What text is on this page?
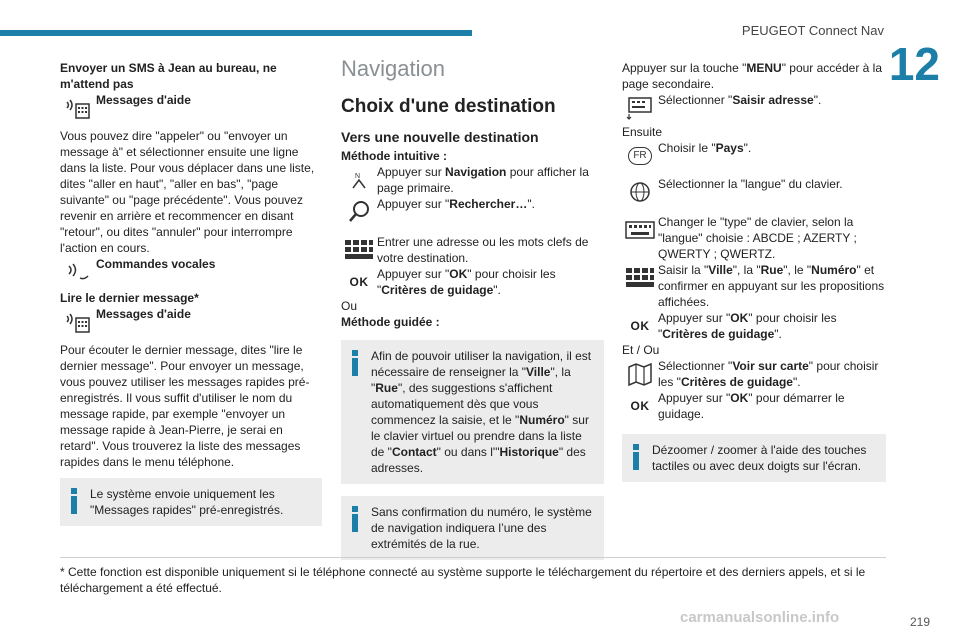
PEUGEOT Connect Nav
12

Envoyer un SMS à Jean au bureau, ne m'attend pas

Messages d'aide

Vous pouvez dire "appeler" ou "envoyer un message à" et sélectionner ensuite une ligne dans la liste. Pour vous déplacer dans une liste, dites "aller en haut", "aller en bas", "page suivante" ou "page précédente". Vous pouvez revenir en arrière et recommencer en disant "retour", ou dites "annuler" pour interrompre l'action en cours.

Commandes vocales

Lire le dernier message*

Messages d'aide

Pour écouter le dernier message, dites "lire le dernier message". Pour envoyer un message, vous pouvez utiliser les messages rapides pré-enregistrés. Il vous suffit d'utiliser le nom du message rapide, par exemple "envoyer un message rapide à Jean-Pierre, je serai en retard". Vous trouverez la liste des messages rapides dans le menu téléphone.

Le système envoie uniquement les "Messages rapides" pré-enregistrés.
Navigation
Choix d'une destination
Vers une nouvelle destination

Méthode intuitive :

N Appuyer sur Navigation pour afficher la page primaire.
Appuyer sur "Rechercher…".
Entrer une adresse ou les mots clefs de votre destination.
OK
Appuyer sur "OK" pour choisir les "Critères de guidage".

Ou

Méthode guidée :

Afin de pouvoir utiliser la navigation, il est nécessaire de renseigner la "Ville", la "Rue", des suggestions s'affichent automatiquement dès que vous commencez la saisie, et le "Numéro" sur le clavier virtuel ou prendre dans la liste de "Contact" ou dans l'"Historique" des adresses.
Sans confirmation du numéro, le système de navigation indiquera l’une des extrémités de la rue.

Appuyer sur la touche "MENU" pour accéder à la page secondaire.

Sélectionner "Saisir adresse".

Ensuite

FR
Choisir le "Pays".
Sélectionner la "langue" du clavier.
Changer le "type" de clavier, selon la "langue" choisie : ABCDE ; AZERTY ; QWERTY ; QWERTZ.
Saisir la "Ville", la "Rue", le "Numéro" et confirmer en appuyant sur les propositions affichées.
OK
Appuyer sur "OK" pour choisir les "Critères de guidage".

Et / Ou

Sélectionner "Voir sur carte" pour choisir les "Critères de guidage".
OK
Appuyer sur "OK" pour démarrer le guidage.
Dézoomer / zoomer à l'aide des touches tactiles ou avec deux doigts sur l'écran.
* Cette fonction est disponible uniquement si le téléphone connecté au système supporte le téléchargement du répertoire et des derniers appels, et si le téléchargement a été effectué.
carmanualsonline.info	219
